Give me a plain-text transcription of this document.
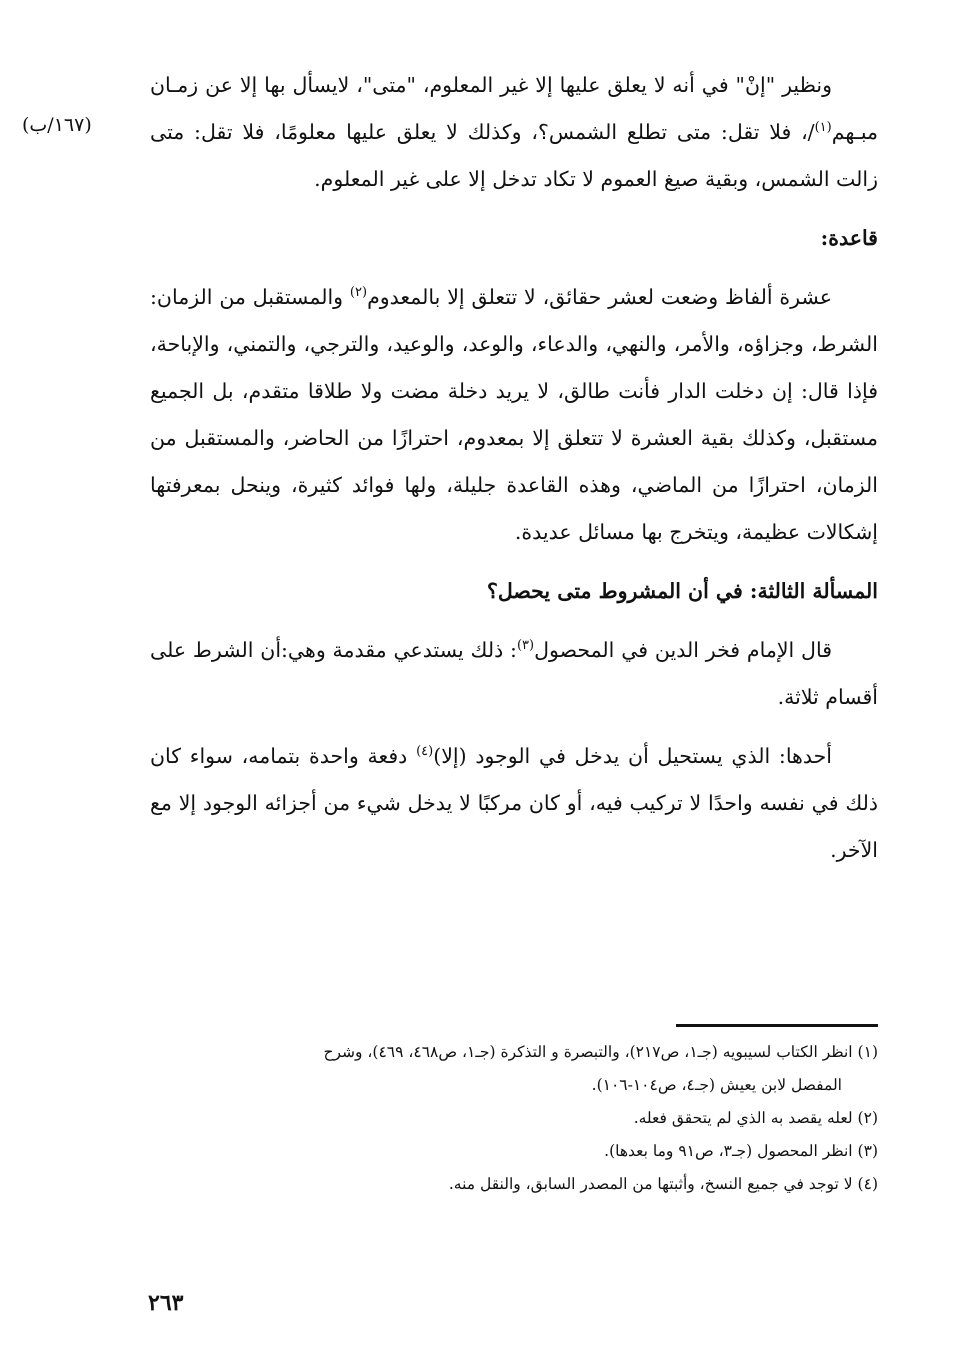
(١٦٧/ب)

ونظير "إنْ" في أنه لا يعلق عليها إلا غير المعلوم، "متى"، لايسأل بها إلا عن زمـان مبـهم$^{(١)}$/، فلا تقل: متى تطلع الشمس؟، وكذلك لا يعلق عليها معلومًا، فلا تقل: متى زالت الشمس، وبقية صيغ العموم لا تكاد تدخل إلا على غير المعلوم.

قاعدة:

عشرة ألفاظ وضعت لعشر حقائق، لا تتعلق إلا بالمعدوم$^{(٢)}$ والمستقبل من الزمان: الشرط، وجزاؤه، والأمر، والنهي، والدعاء، والوعد، والوعيد، والترجي، والتمني، والإباحة، فإذا قال: إن دخلت الدار فأنت طالق، لا يريد دخلة مضت ولا طلاقا متقدم، بل الجميع مستقبل، وكذلك بقية العشرة لا تتعلق إلا بمعدوم، احترازًا من الحاضر، والمستقبل من الزمان، احترازًا من الماضي، وهذه القاعدة جليلة، ولها فوائد كثيرة، وينحل بمعرفتها إشكالات عظيمة، ويتخرج بها مسائل عديدة.

المسألة الثالثة: في أن المشروط متى يحصل؟

قال الإمام فخر الدين في المحصول$^{(٣)}$: ذلك يستدعي مقدمة وهي:أن الشرط على أقسام ثلاثة.

أحدها: الذي يستحيل أن يدخل في الوجود (إلا)$^{(٤)}$ دفعة واحدة بتمامه، سواء كان ذلك في نفسه واحدًا لا تركيب فيه، أو كان مركبًا لا يدخل شيء من أجزائه الوجود إلا مع الآخر.

(١) انظر الكتاب لسيبويه (جـ١، ص٢١٧)، والتبصرة و التذكرة (جـ١، ص٤٦٨، ٤٦٩)، وشرح

المفصل لابن يعيش (جـ٤، ص١٠٤-١٠٦).

(٢) لعله يقصد به الذي لم يتحقق فعله.

(٣) انظر المحصول (جـ٣، ص٩١ وما بعدها).

(٤) لا توجد في جميع النسخ، وأثبتها من المصدر السابق، والنقل منه.

٢٦٣
